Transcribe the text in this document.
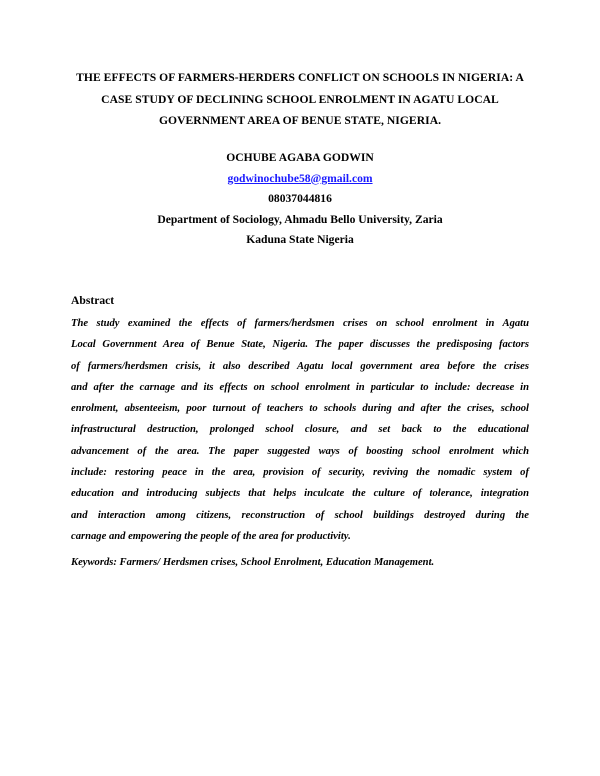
THE EFFECTS OF FARMERS-HERDERS CONFLICT ON SCHOOLS IN NIGERIA: A
CASE STUDY OF DECLINING SCHOOL ENROLMENT IN AGATU LOCAL
GOVERNMENT AREA OF BENUE STATE, NIGERIA.
OCHUBE AGABA GODWIN
godwinochube58@gmail.com
08037044816
Department of Sociology, Ahmadu Bello University, Zaria
Kaduna State Nigeria
Abstract
The study examined the effects of farmers/herdsmen crises on school enrolment in Agatu
Local Government Area of Benue State, Nigeria. The paper discusses the predisposing factors
of farmers/herdsmen crisis, it also described Agatu local government area before the crises
and after the carnage and its effects on school enrolment in particular to include: decrease in
enrolment, absenteeism, poor turnout of teachers to schools during and after the crises, school
infrastructural destruction, prolonged school closure, and set back to the educational
advancement of the area. The paper suggested ways of boosting school enrolment which
include: restoring peace in the area, provision of security, reviving the nomadic system of
education and introducing subjects that helps inculcate the culture of tolerance, integration
and interaction among citizens, reconstruction of school buildings destroyed during the
carnage and empowering the people of the area for productivity.
Keywords: Farmers/ Herdsmen crises, School Enrolment, Education Management.
